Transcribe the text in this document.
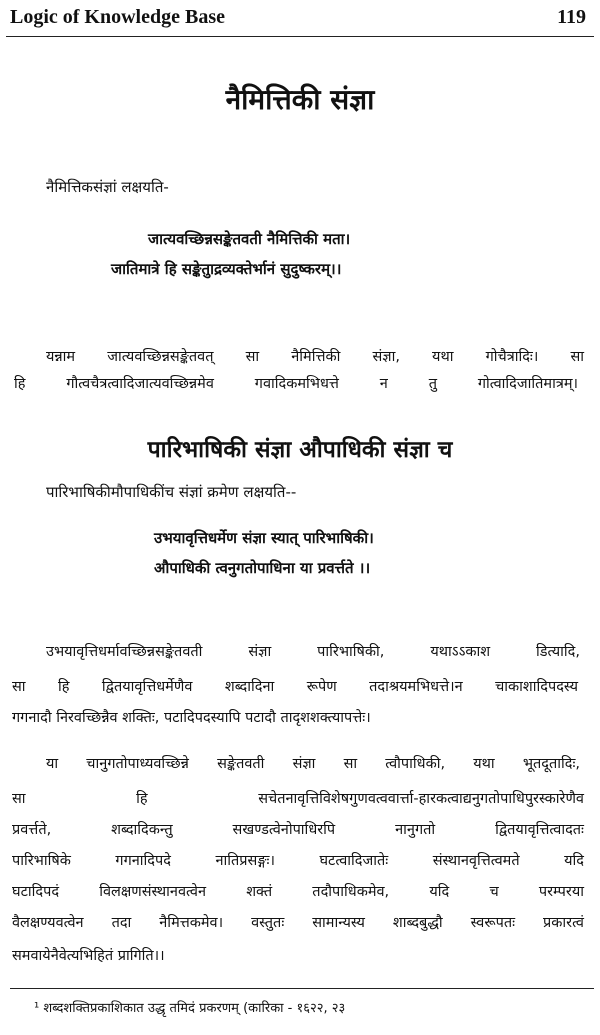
Logic of Knowledge Base	119
नैमित्तिकी संज्ञा
नैमित्तिकसंज्ञां लक्षयति-
जात्यवच्छिन्नसङ्केतवती नैमित्तिकी मता।
जातिमात्रे हि सङ्केतुाद्रव्यक्तेर्भानं सुदुष्करम्।।
यन्नाम जात्यवच्छिन्नसङ्केतवत् सा नैमित्तिकी संज्ञा, यथा गोचैत्रादिः। सा
हि गौत्वचैत्रत्वादिजात्यवच्छिन्नमेव गवादिकमभिधत्ते न तु गोत्वादिजातिमात्रम्।
पारिभाषिकी संज्ञा औपाधिकी संज्ञा च
पारिभाषिकीमौपाधिकींच संज्ञां क्रमेण लक्षयति--
उभयावृत्तिधर्मेण संज्ञा स्यात् पारिभाषिकी।
औपाधिकी त्वनुगतोपाधिना या प्रवर्त्तते ।।
उभयावृत्तिधर्मावच्छिन्नसङ्केतवती संज्ञा पारिभाषिकी, यथाऽऽकाश डित्यादि,
सा हि द्वितयावृत्तिधर्मेणैव शब्दादिना रूपेण तदाश्रयमभिधत्ते।न चाकाशादिपदस्य
गगनादौ निरवच्छिन्नैव शक्तिः, पटादिपदस्यापि पटादौ तादृशशक्त्यापत्तेः।
या चानुगतोपाध्यवच्छिन्ने सङ्केतवती संज्ञा सा त्वौपाधिकी, यथा भूतदूतादिः,
सा हि सचेतनावृत्तिविशेषगुणवत्ववार्त्ता-हारकत्वाद्यनुगतोपाधिपुरस्कारेणैव
प्रवर्त्तते, शब्दादिकन्तु सखण्डत्वेनोपाधिरपि नानुगतो द्वितयावृत्तित्वादतः
पारिभाषिके गगनादिपदे नातिप्रसङ्गः। घटत्वादिजातेः संस्थानवृत्तित्वमते यदि
घटादिपदं विलक्षणसंस्थानवत्वेन शक्तं तदौपाधिकमेव, यदि च परम्परया
वैलक्षण्यवत्वेन तदा नैमित्तकमेव। वस्तुतः सामान्यस्य शाब्दबुद्धौ स्वरूपतः प्रकारत्वं
समवायेनैवेत्यभिहितं प्रागिति।।
¹ शब्दशक्तिप्रकाशिकात उद्धृ तमिदं प्रकरणम् (कारिका - १६२२, २३
